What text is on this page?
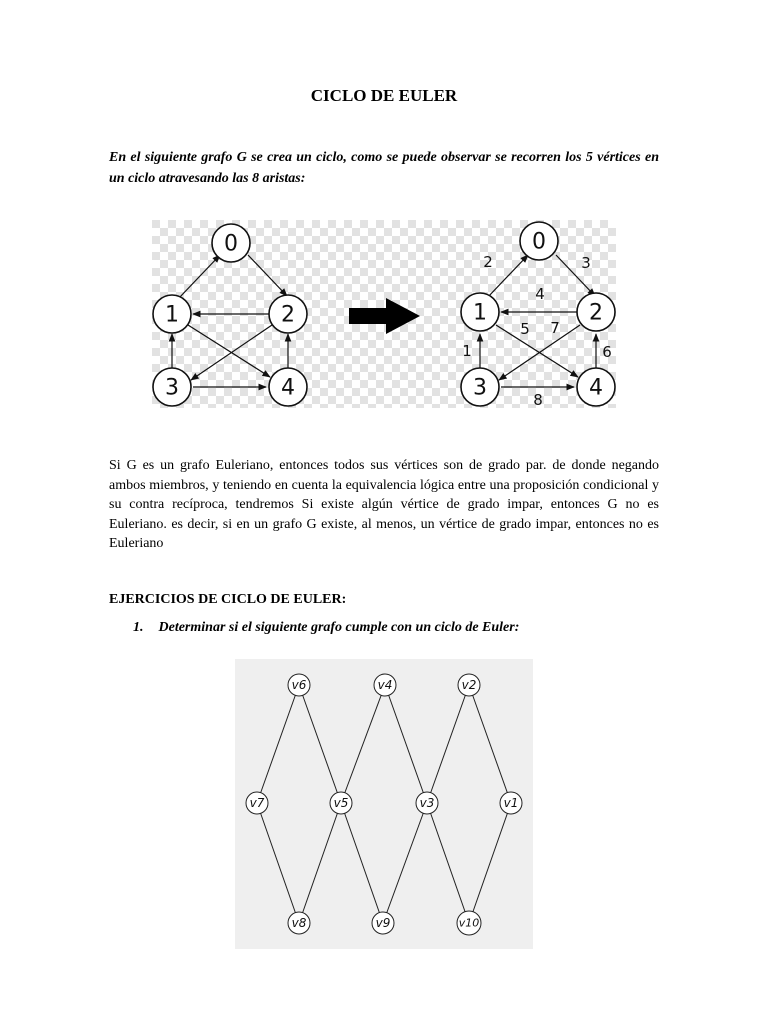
CICLO DE EULER
En el siguiente grafo G se crea un ciclo, como se puede observar se recorren los 5 vértices en un ciclo atravesando las 8 aristas:
0
1	2
3	4
0
1	2
3	4
1
2	3
4
5
6
7
8
Si G es un grafo Euleriano, entonces todos sus vértices son de grado par. de donde negando ambos miembros, y teniendo en cuenta la equivalencia lógica entre una proposición condicional y su contra recíproca, tendremos Si existe algún vértice de grado impar, entonces G no es Euleriano. es decir, si en un grafo G existe, al menos, un vértice de grado impar, entonces no es Euleriano
EJERCICIOS DE CICLO DE EULER:
1. Determinar si el siguiente grafo cumple con un ciclo de Euler:
v6	v4	v2
v7	v5	v3	v1
v8	v9	v10
